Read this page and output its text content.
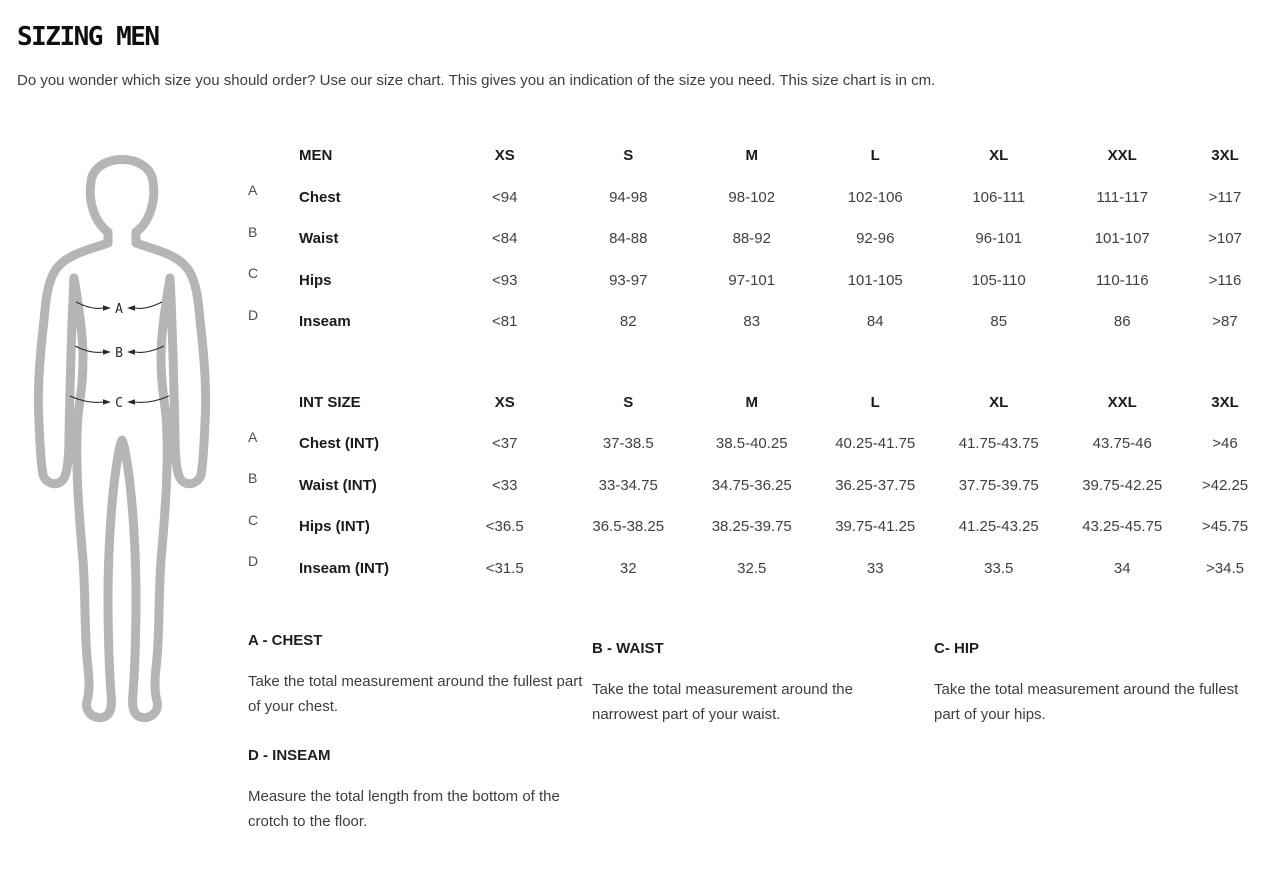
SIZING MEN

Do you wonder which size you should order? Use our size chart. This gives you an indication of the size you need. This size chart is in cm.

A
B
C
MEN	XS	S	M	L	XL	XXL	3XL
A	Chest	<94	94-98	98-102	102-106	106-111	111-117	>117
B	Waist	<84	84-88	88-92	92-96	96-101	101-107	>107
C	Hips	<93	93-97	97-101	101-105	105-110	110-116	>116
D	Inseam	<81	82	83	84	85	86	>87
INT SIZE	XS	S	M	L	XL	XXL	3XL
A	Chest (INT)	<37	37-38.5	38.5-40.25	40.25-41.75	41.75-43.75	43.75-46	>46
B	Waist (INT)	<33	33-34.75	34.75-36.25	36.25-37.75	37.75-39.75	39.75-42.25	>42.25
C	Hips (INT)	<36.5	36.5-38.25	38.25-39.75	39.75-41.25	41.25-43.25	43.25-45.75	>45.75
D	Inseam (INT)	<31.5	32	32.5	33	33.5	34	>34.5
A - CHEST

Take the total measurement around the fullest part of your chest.

D - INSEAM

Measure the total length from the bottom of the crotch to the floor.

B - WAIST

Take the total measurement around the narrowest part of your waist.

C- HIP

Take the total measurement around the fullest part of your hips.
